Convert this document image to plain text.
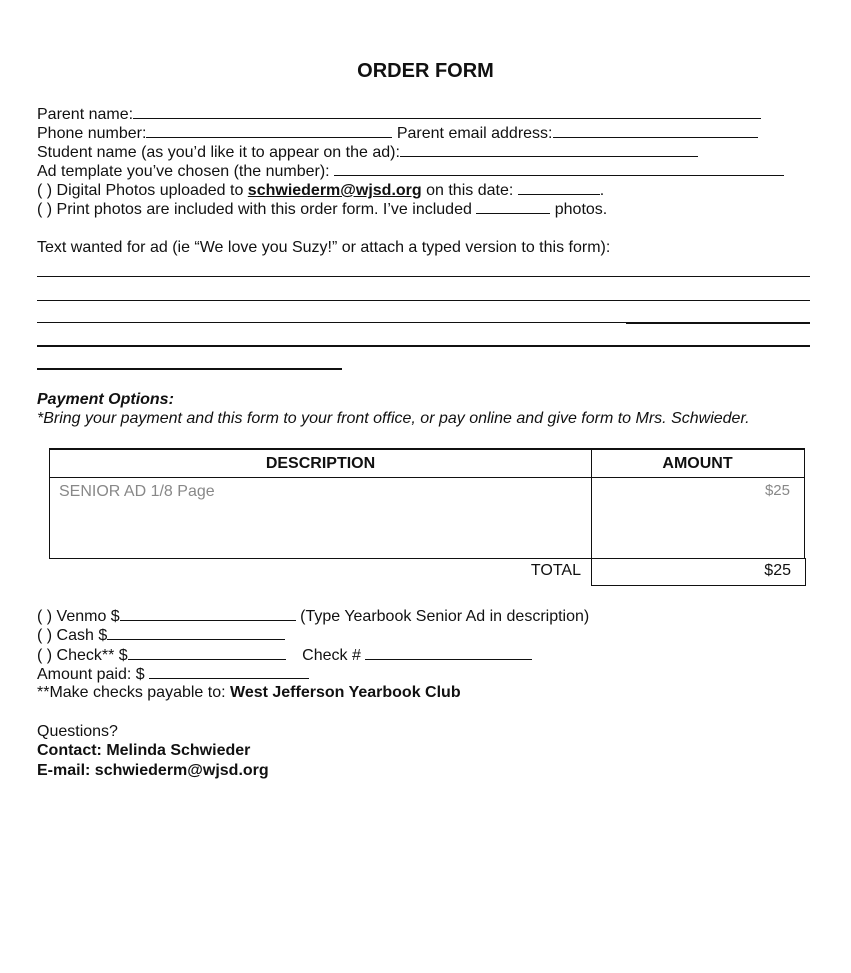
ORDER FORM
Parent name:
Phone number:	Parent email address:
Student name (as you’d like it to appear on the ad):
Ad template you’ve chosen (the number):
( ) Digital Photos uploaded to schwiederm@wjsd.org on this date:	.
( ) Print photos are included with this order form. I’ve included	photos.
Text wanted for ad (ie “We love you Suzy!” or attach a typed version to this form):
Payment Options:
*Bring your payment and this form to your front office, or pay online and give form to Mrs. Schwieder.
DESCRIPTION	AMOUNT
SENIOR AD 1/8 Page	$25
TOTAL	$25
( ) Venmo $	(Type Yearbook Senior Ad in description)
( ) Cash $
( ) Check** $	Check #
Amount paid: $
**Make checks payable to: West Jefferson Yearbook Club
Questions?
Contact: Melinda Schwieder
E-mail: schwiederm@wjsd.org
